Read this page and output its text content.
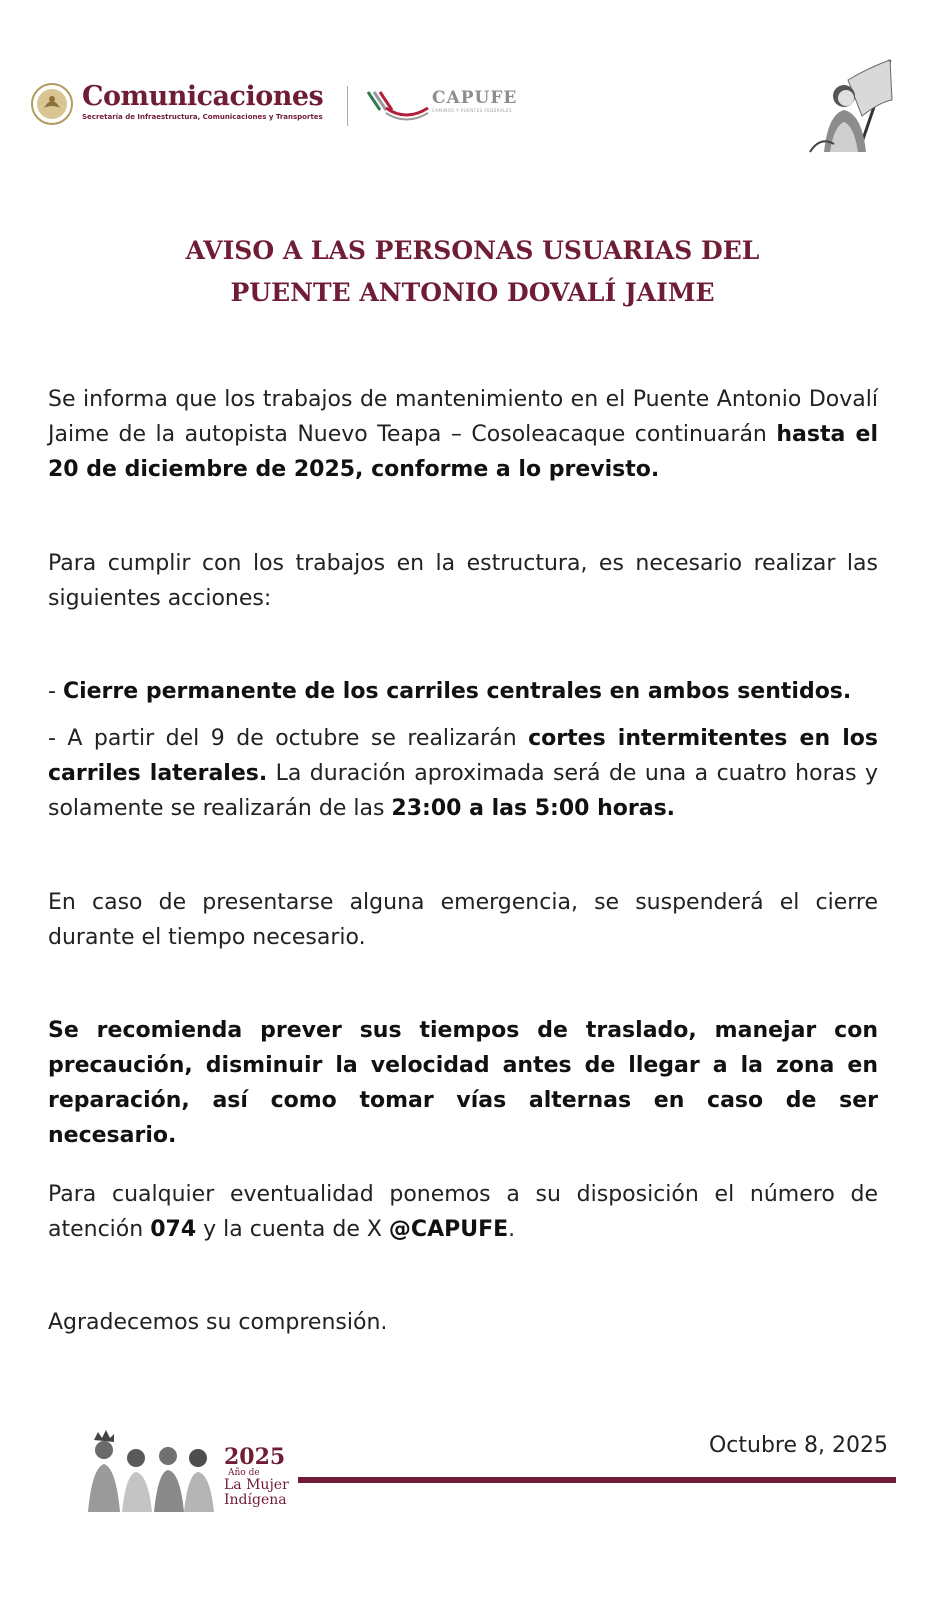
Comunicaciones
Secretaría de Infraestructura, Comunicaciones y Transportes
CAPUFE
CAMINOS Y PUENTES FEDERALES
AVISO A LAS PERSONAS USUARIAS DEL
PUENTE ANTONIO DOVALÍ JAIME
Se informa que los trabajos de mantenimiento en el Puente Antonio Dovalí Jaime de la autopista Nuevo Teapa – Cosoleacaque continuarán hasta el 20 de diciembre de 2025, conforme a lo previsto.
Para cumplir con los trabajos en la estructura, es necesario realizar las siguientes acciones:
- Cierre permanente de los carriles centrales en ambos sentidos.
- A partir del 9 de octubre se realizarán cortes intermitentes en los carriles laterales. La duración aproximada será de una a cuatro horas y solamente se realizarán de las 23:00 a las 5:00 horas.
En caso de presentarse alguna emergencia, se suspenderá el cierre durante el tiempo necesario.
Se recomienda prever sus tiempos de traslado, manejar con precaución, disminuir la velocidad antes de llegar a la zona en reparación, así como tomar vías alternas en caso de ser necesario.
Para cualquier eventualidad ponemos a su disposición el número de atención 074 y la cuenta de X @CAPUFE.
Agradecemos su comprensión.
2025
Año de
La Mujer
Indígena
Octubre 8, 2025
